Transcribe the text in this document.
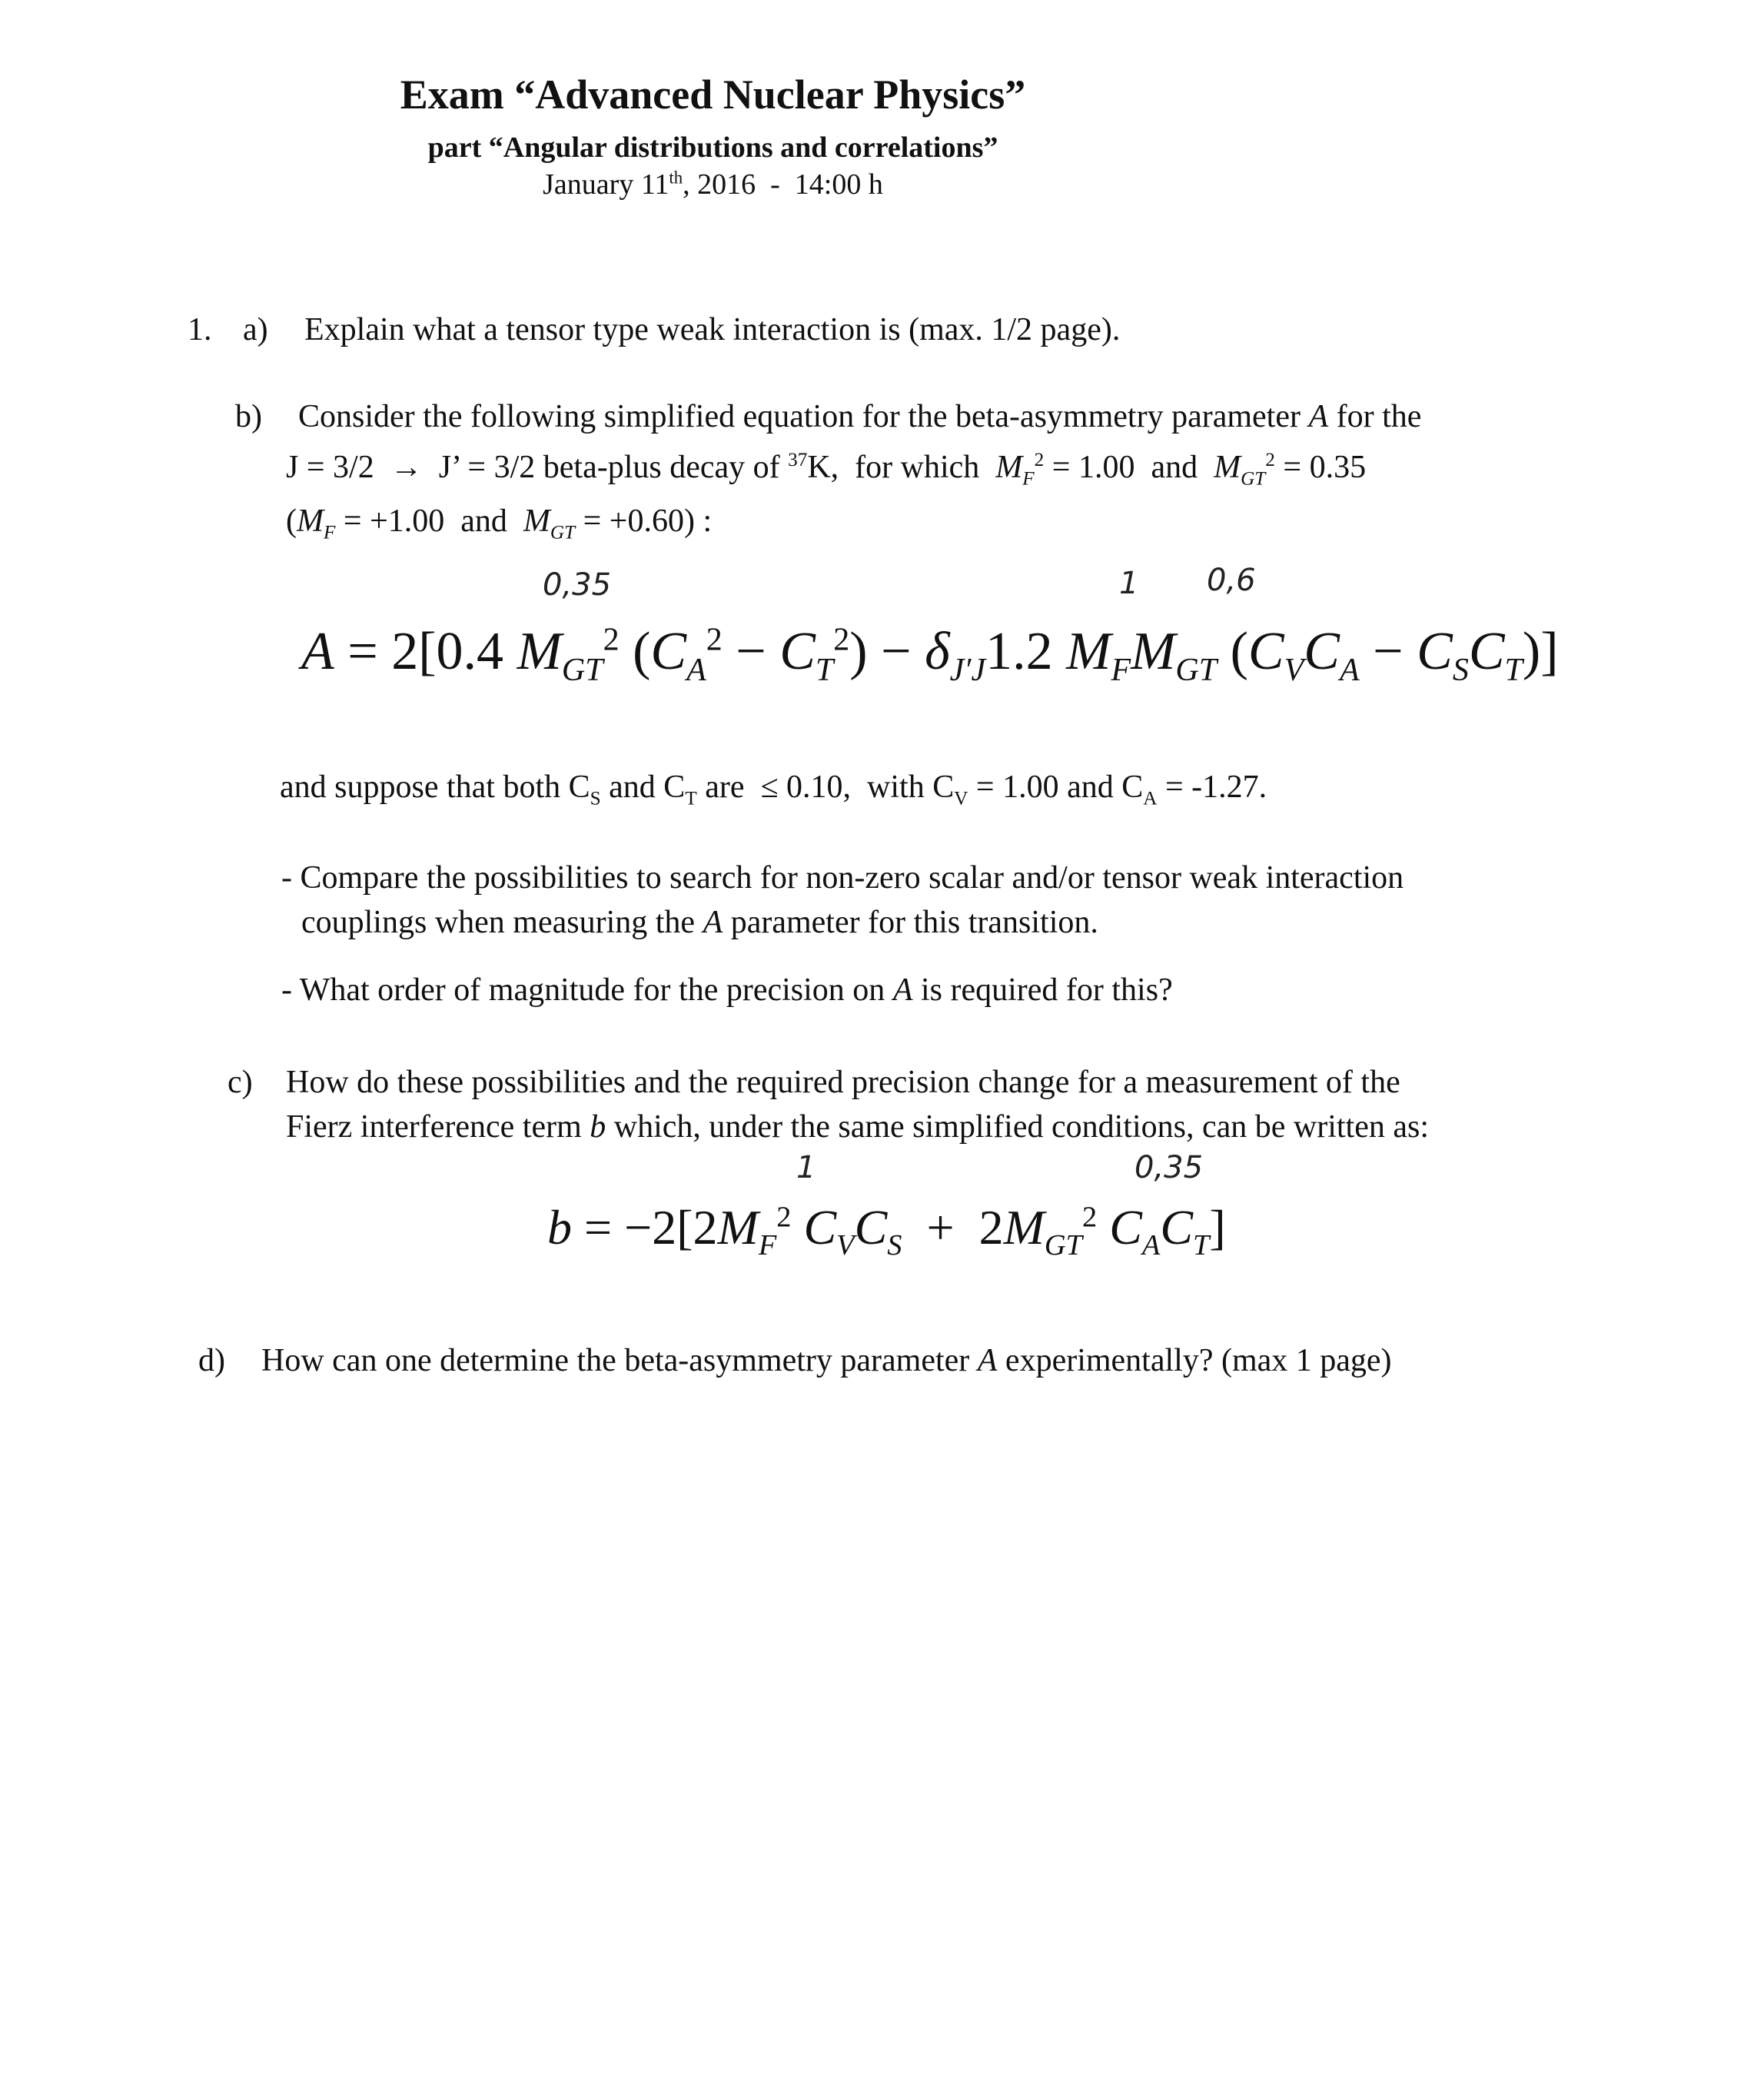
Exam “Advanced Nuclear Physics”
part “Angular distributions and correlations”
January 11th, 2016  -  14:00 h
1. a) Explain what a tensor type weak interaction is (max. 1/2 page).
b) Consider the following simplified equation for the beta-asymmetry parameter A for the
J = 3/2  →  J’ = 3/2 beta-plus decay of $^{37}$K,  for which  $M_F^2 = 1.00$  and  $M_{GT}^2 = 0.35$
($M_F = +1.00$  and  $M_{GT} = +0.60$) :
0,35	1 0,6
A = 2[0.4 $M_{GT}^2$ $(C_A^2 - C_T^2) - \delta_{J'J}1.2$ $M_FM_{GT}$ $(C_VC_A - C_SC_T)$]
and suppose that both $C_S$ and $C_T$ are  ≤ 0.10,  with $C_V = 1.00$ and $C_A = -1.27$.
- Compare the possibilities to search for non-zero scalar and/or tensor weak interaction
couplings when measuring the A parameter for this transition.
- What order of magnitude for the precision on A is required for this?
c) How do these possibilities and the required precision change for a measurement of the
Fierz interference term b which, under the same simplified conditions, can be written as:
1	0,35
$b = -2[2M_F^2$ $C_VC_S + 2M_{GT}^2$ $C_AC_T$]
d) How can one determine the beta-asymmetry parameter A experimentally? (max 1 page)
